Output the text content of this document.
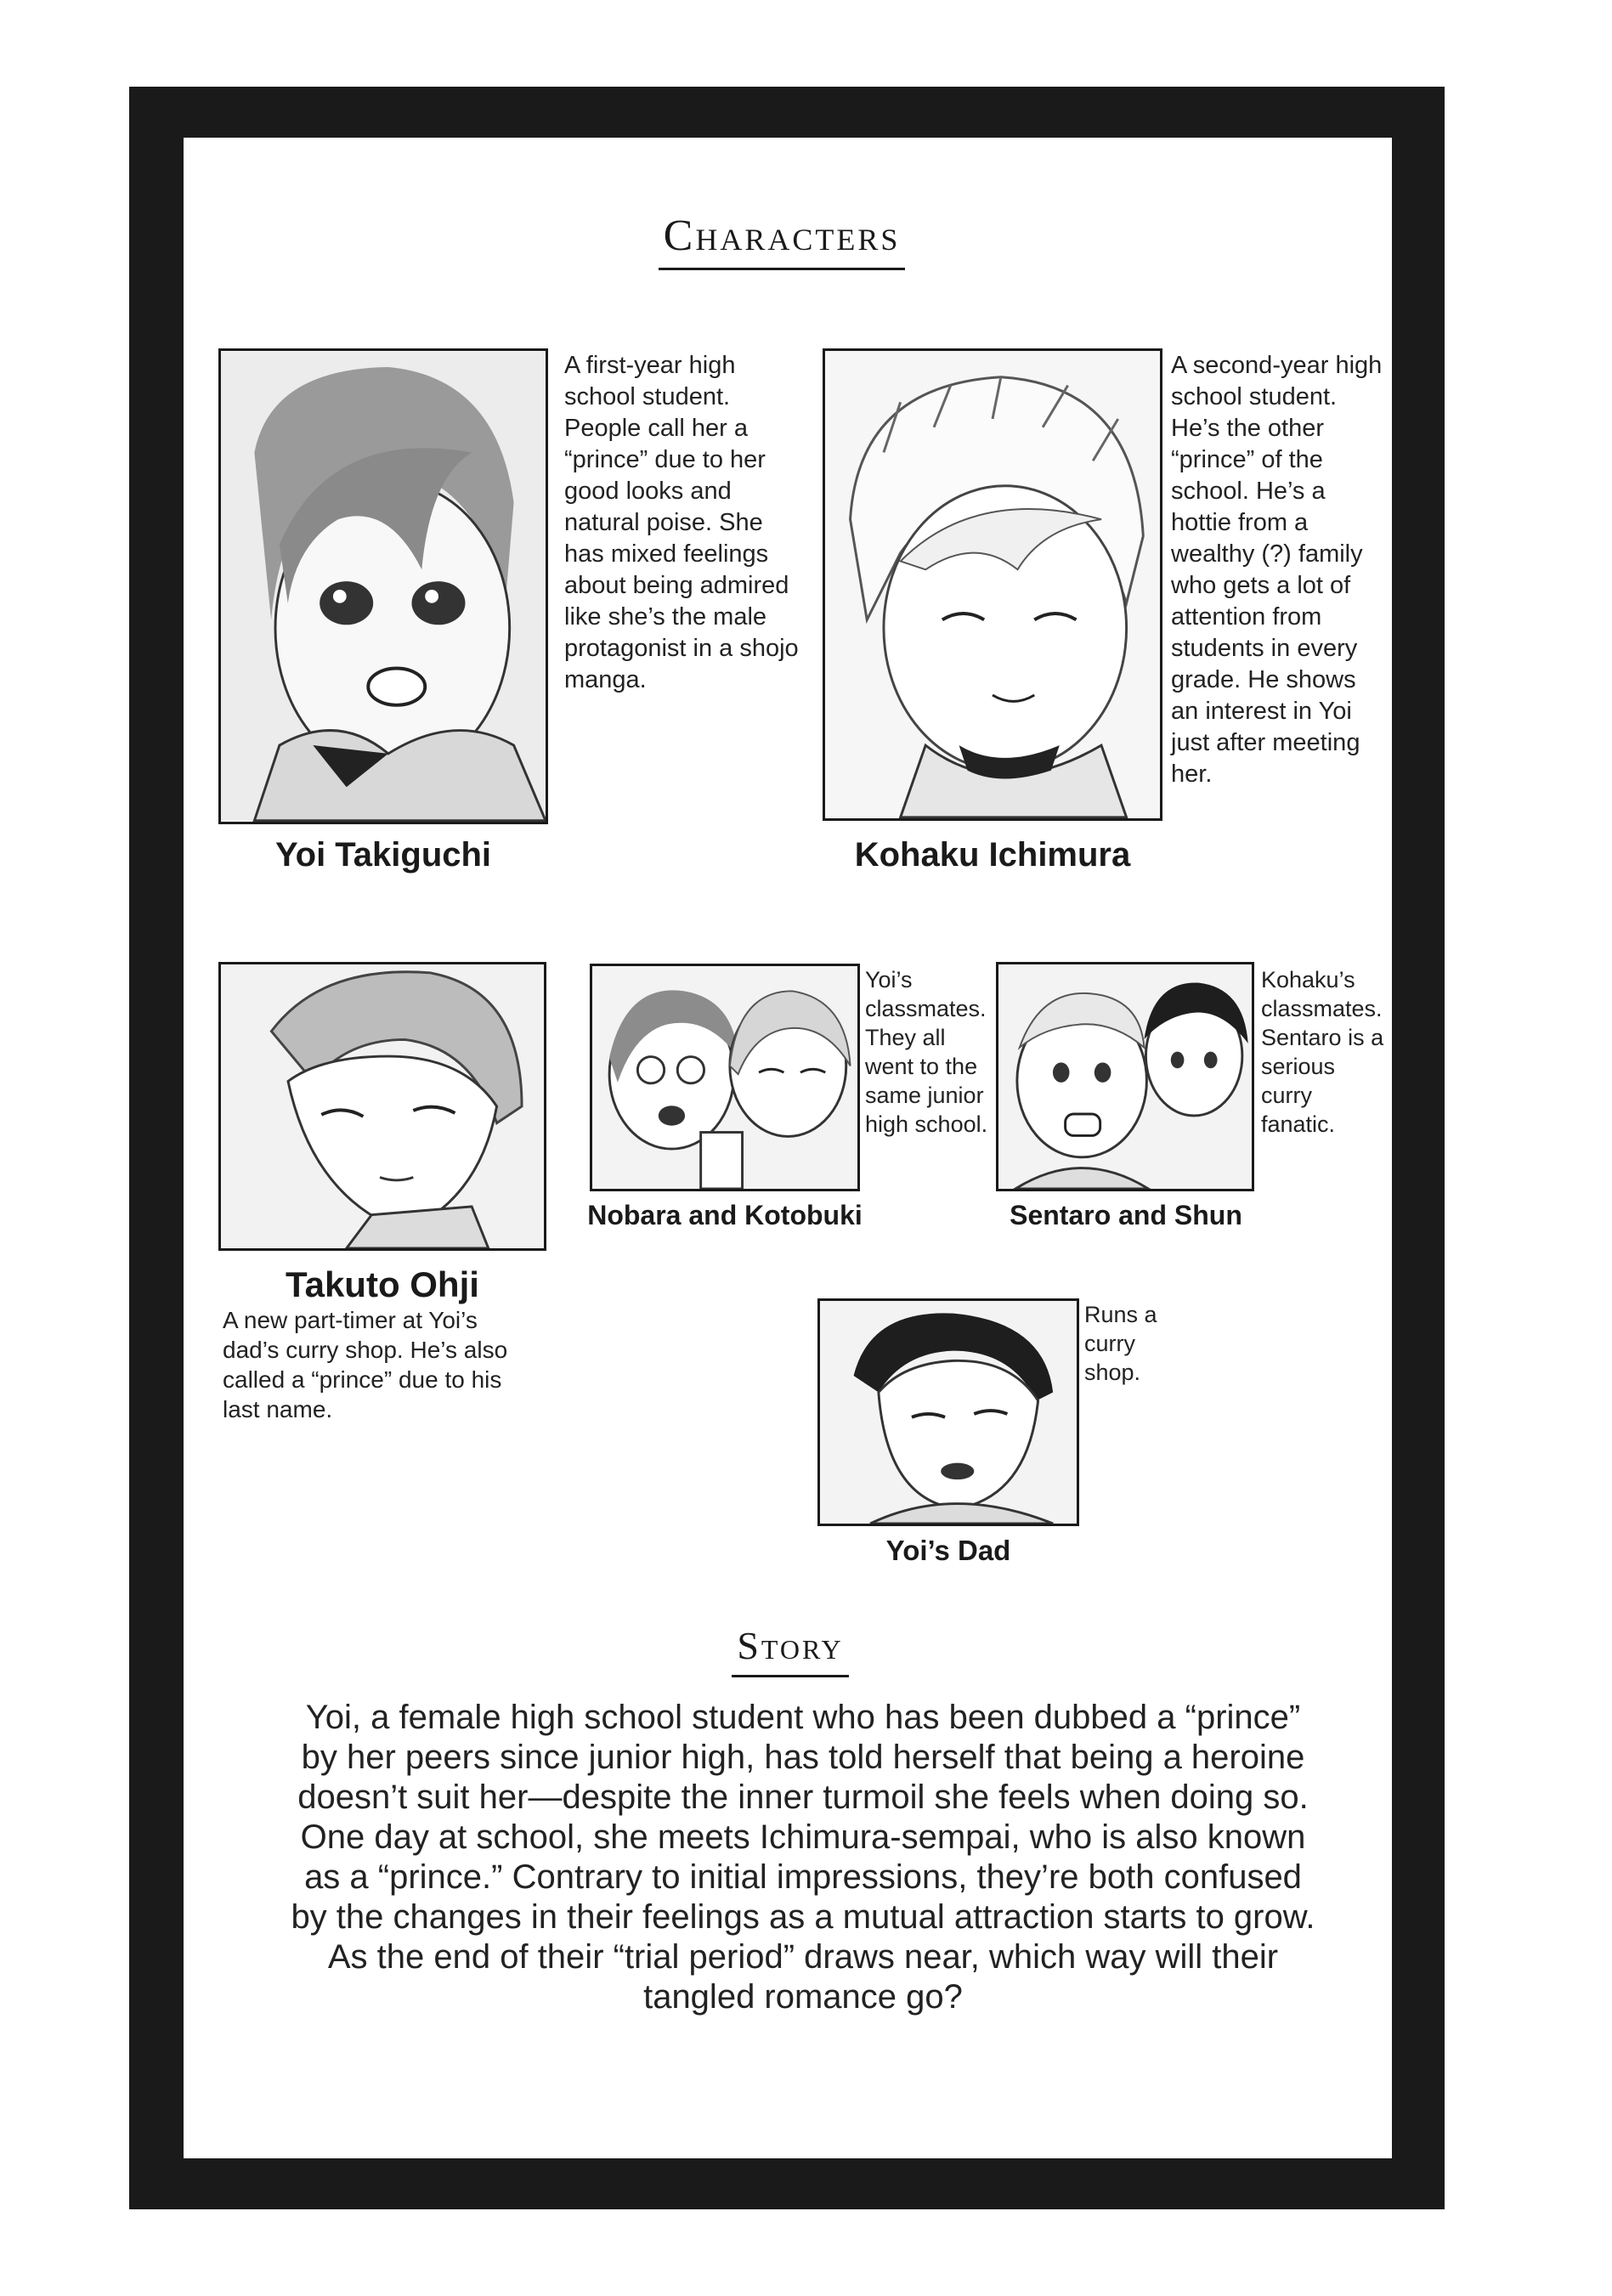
Characters
A first-year high school student. People call her a “prince” due to her good looks and natural poise. She has mixed feelings about being admired like she’s the male protagonist in a shojo manga.
Yoi Takiguchi
A second-year high school student. He’s the other “prince” of the school. He’s a hottie from a wealthy (?) family who gets a lot of attention from students in every grade. He shows an interest in Yoi just after meeting her.
Kohaku Ichimura
Takuto Ohji
A new part-timer at Yoi’s dad’s curry shop. He’s also called a “prince” due to his last name.
Yoi’s classmates. They all went to the same junior high school.
Nobara and Kotobuki
Kohaku’s classmates. Sentaro is a serious curry fanatic.
Sentaro and Shun
Runs a curry shop.
Yoi’s Dad
Story

Yoi, a female high school student who has been dubbed a “prince”

by her peers since junior high, has told herself that being a heroine

doesn’t suit her—despite the inner turmoil she feels when doing so.

One day at school, she meets Ichimura-sempai, who is also known

as a “prince.” Contrary to initial impressions, they’re both confused

by the changes in their feelings as a mutual attraction starts to grow.

As the end of their “trial period” draws near, which way will their

tangled romance go?
